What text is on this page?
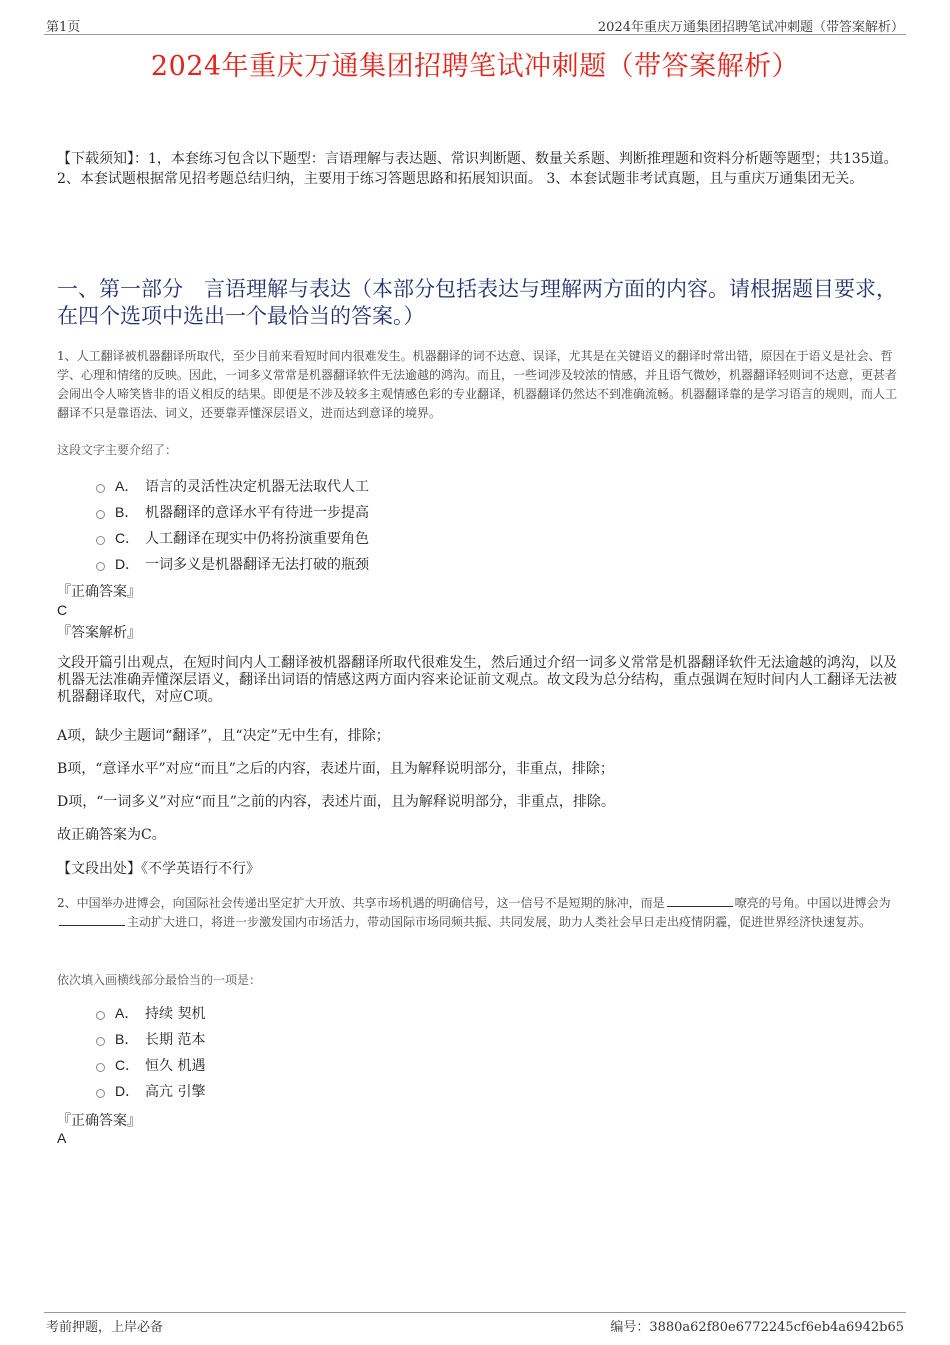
第1页	2024年重庆万通集团招聘笔试冲刺题（带答案解析）
2024年重庆万通集团招聘笔试冲刺题（带答案解析）
【下载须知】：1，本套练习包含以下题型：言语理解与表达题、常识判断题、数量关系题、判断推理题和资料分析题等题型；共135道。 2、本套试题根据常见招考题总结归纳，主要用于练习答题思路和拓展知识面。 3、本套试题非考试真题，且与重庆万通集团无关。
一、第一部分　言语理解与表达（本部分包括表达与理解两方面的内容。请根据题目要求，在四个选项中选出一个最恰当的答案。）
1、人工翻译被机器翻译所取代，至少目前来看短时间内很难发生。机器翻译的词不达意、误译，尤其是在关键语义的翻译时常出错，原因在于语义是社会、哲学、心理和情绪的反映。因此，一词多义常常是机器翻译软件无法逾越的鸿沟。而且，一些词涉及较浓的情感，并且语气微妙，机器翻译轻则词不达意，更甚者会闹出令人啼笑皆非的语义相反的结果。即便是不涉及较多主观情感色彩的专业翻译，机器翻译仍然达不到准确流畅。机器翻译靠的是学习语言的规则，而人工翻译不只是靠语法、词义，还要靠弄懂深层语义，进而达到意译的境界。
这段文字主要介绍了：
A． 语言的灵活性决定机器无法取代人工
B． 机器翻译的意译水平有待进一步提高
C． 人工翻译在现实中仍将扮演重要角色
D． 一词多义是机器翻译无法打破的瓶颈
『正确答案』
C
『答案解析』
文段开篇引出观点，在短时间内人工翻译被机器翻译所取代很难发生，然后通过介绍一词多义常常是机器翻译软件无法逾越的鸿沟，以及机器无法准确弄懂深层语义，翻译出词语的情感这两方面内容来论证前文观点。故文段为总分结构，重点强调在短时间内人工翻译无法被机器翻译取代，对应C项。
A项，缺少主题词“翻译”，且“决定”无中生有，排除；
B项，“意译水平”对应“而且”之后的内容，表述片面，且为解释说明部分，非重点，排除；
D项，“一词多义”对应“而且”之前的内容，表述片面，且为解释说明部分，非重点，排除。
故正确答案为C。
【文段出处】《不学英语行不行》
2、中国举办进博会，向国际社会传递出坚定扩大开放、共享市场机遇的明确信号，这一信号不是短期的脉冲，而是	嘹亮的号角。中国以进博会为主动扩大进口，将进一步激发国内市场活力，带动国际市场同频共振、共同发展，助力人类社会早日走出疫情阴霾，促进世界经济快速复苏。
依次填入画横线部分最恰当的一项是：
A． 持续 契机
B． 长期 范本
C． 恒久 机遇
D． 高亢 引擎
『正确答案』
A
考前押题，上岸必备	编号：3880a62f80e6772245cf6eb4a6942b65
